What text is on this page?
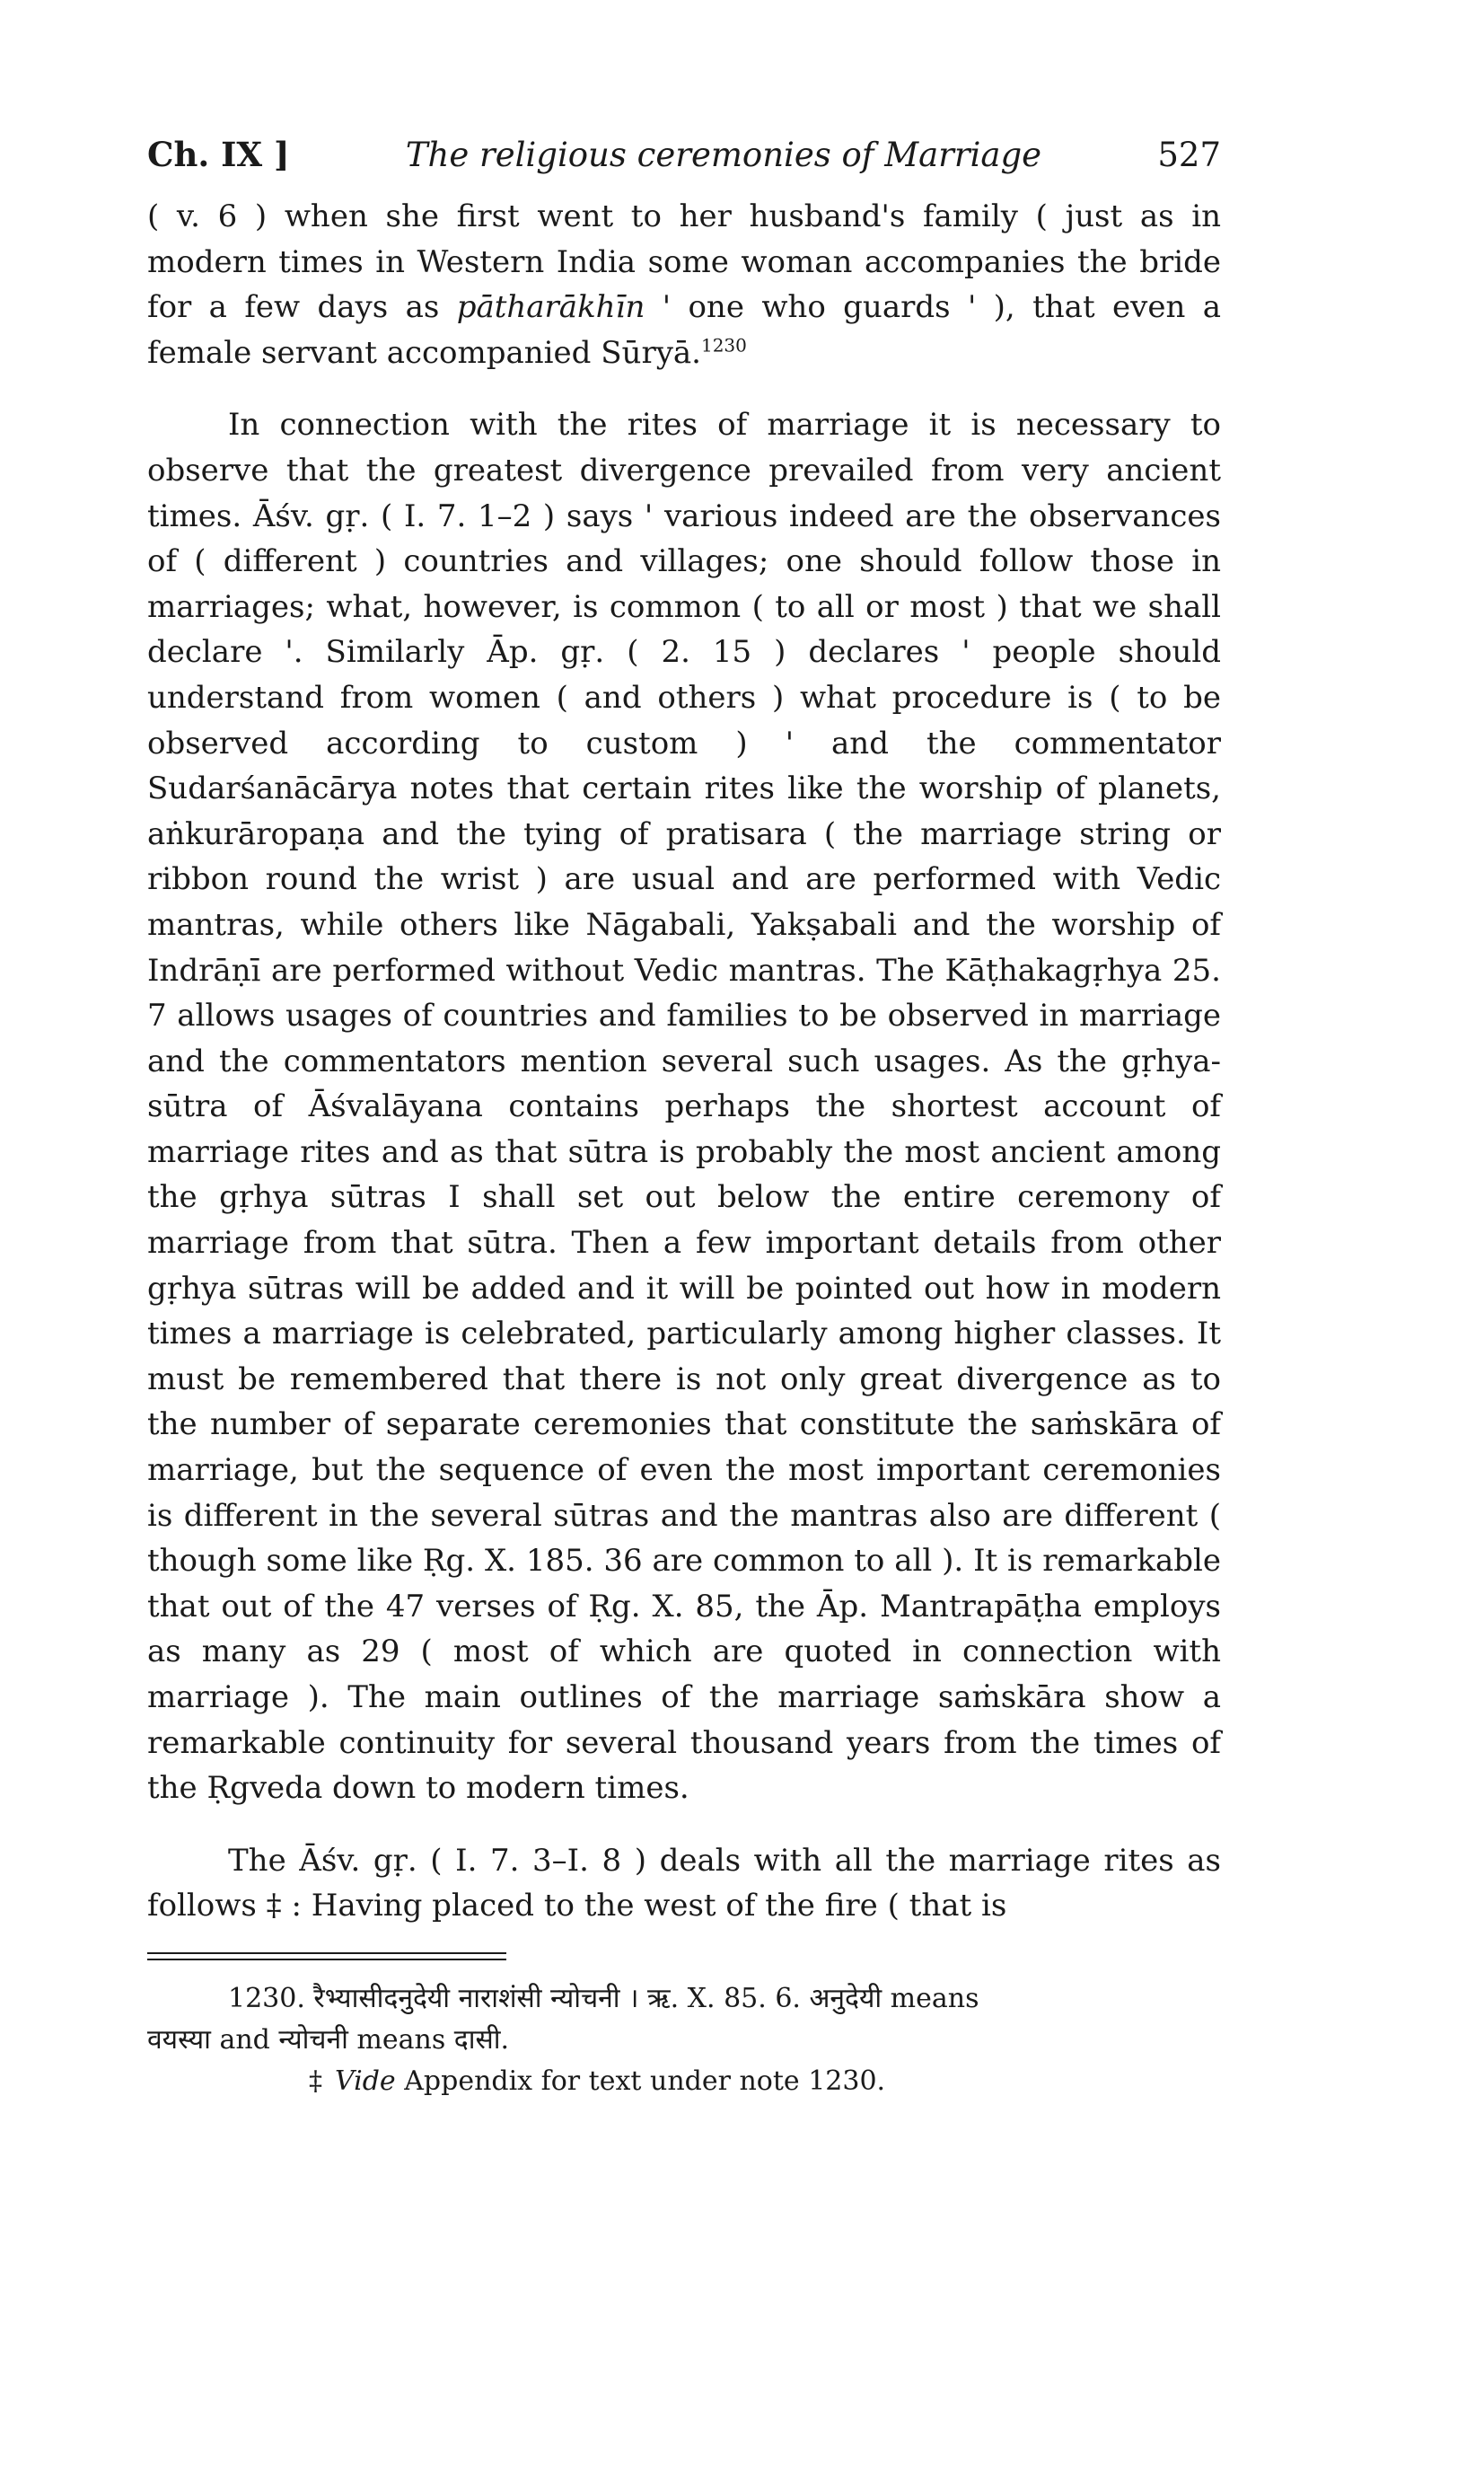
Ch. IX ]	The religious ceremonies of Marriage	527

( v. 6 ) when she first went to her husband's family ( just as in modern times in Western India some woman accompanies the bride for a few days as pātharākhīn ' one who guards ' ), that even a female servant accompanied Sūryā.$^{1230}$

In connection with the rites of marriage it is necessary to observe that the greatest divergence prevailed from very ancient times. Āśv. gṛ. ( I. 7. 1–2 ) says ' various indeed are the observances of ( different ) countries and villages; one should follow those in marriages; what, however, is common ( to all or most ) that we shall declare '. Similarly Āp. gṛ. ( 2. 15 ) declares ' people should understand from women ( and others ) what procedure is ( to be observed according to custom ) ' and the commentator Sudarśanācārya notes that certain rites like the worship of planets, aṅkurāropaṇa and the tying of pratisara ( the marriage string or ribbon round the wrist ) are usual and are performed with Vedic mantras, while others like Nāgabali, Yakṣabali and the worship of Indrāṇī are performed without Vedic mantras. The Kāṭhakagṛhya 25. 7 allows usages of countries and families to be observed in marriage and the commentators mention several such usages. As the gṛhya-sūtra of Āśvalāyana contains perhaps the shortest account of marriage rites and as that sūtra is probably the most ancient among the gṛhya sūtras I shall set out below the entire ceremony of marriage from that sūtra. Then a few important details from other gṛhya sūtras will be added and it will be pointed out how in modern times a marriage is celebrated, particularly among higher classes. It must be remembered that there is not only great divergence as to the number of separate ceremonies that constitute the saṁskāra of marriage, but the sequence of even the most important ceremonies is different in the several sūtras and the mantras also are different ( though some like Ṛg. X. 185. 36 are common to all ). It is remarkable that out of the 47 verses of Ṛg. X. 85, the Āp. Mantrapāṭha employs as many as 29 ( most of which are quoted in connection with marriage ). The main outlines of the marriage saṁskāra show a remarkable continuity for several thousand years from the times of the Ṛgveda down to modern times.

The Āśv. gṛ. ( I. 7. 3–I. 8 ) deals with all the marriage rites as follows ‡ : Having placed to the west of the fire ( that is

1230. रैभ्यासीदनुदेयी नाराशंसी न्योचनी । ऋ. X. 85. 6. अनुदेयी means
वयस्या and न्योचनी means दासी.
‡ Vide Appendix for text under note 1230.
